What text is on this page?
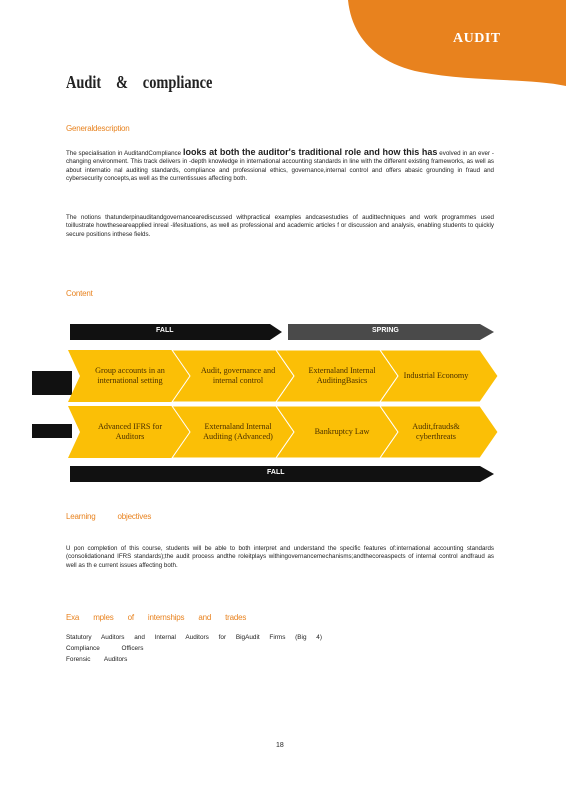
AUDIT
Audit & compliance
Generaldescription
The specialisation in AuditandCompliance looks at both the auditor's traditional role and how this has evolved in an ever -changing environment. This track delivers in -depth knowledge in international accounting standards in line with the different existing frameworks, as well as about internatio nal auditing standards, compliance and professional ethics, governance,internal control and offers abasic grounding in fraud and cybersecurity concepts,as well as the currentissues affecting both.
The notions thatunderpinauditandgovernancearediscussed withpractical examples andcasestudies of audittechniques and work programmes used toillustrate howtheseareapplied inreal -lifesituations, as well as professional and academic articles f or discussion and analysis, enabling students to quickly secure positions inthese fields.
Content
FALL	SPRING
Group accounts in an international setting
Audit, governance and internal control
Externaland Internal AuditingBasics
Industrial Economy
Advanced IFRS for Auditors
Externaland Internal Auditing (Advanced)
Bankruptcy Law
Audit,frauds& cyberthreats
FALL
Learning objectives
U pon completion of this course, students will be able to both interpret and understand the specific features of:international accounting standards (consolidationand IFRS standards);the audit process andthe roleitplays withingovernancemechanisms;andthecoreaspects of internal control andfraud as well as th e current issues affecting both.
Exa mples of internships and trades
Statutory Auditors and Internal Auditors for BigAudit Firms (Big 4)
Compliance Officers
Forensic Auditors
18
